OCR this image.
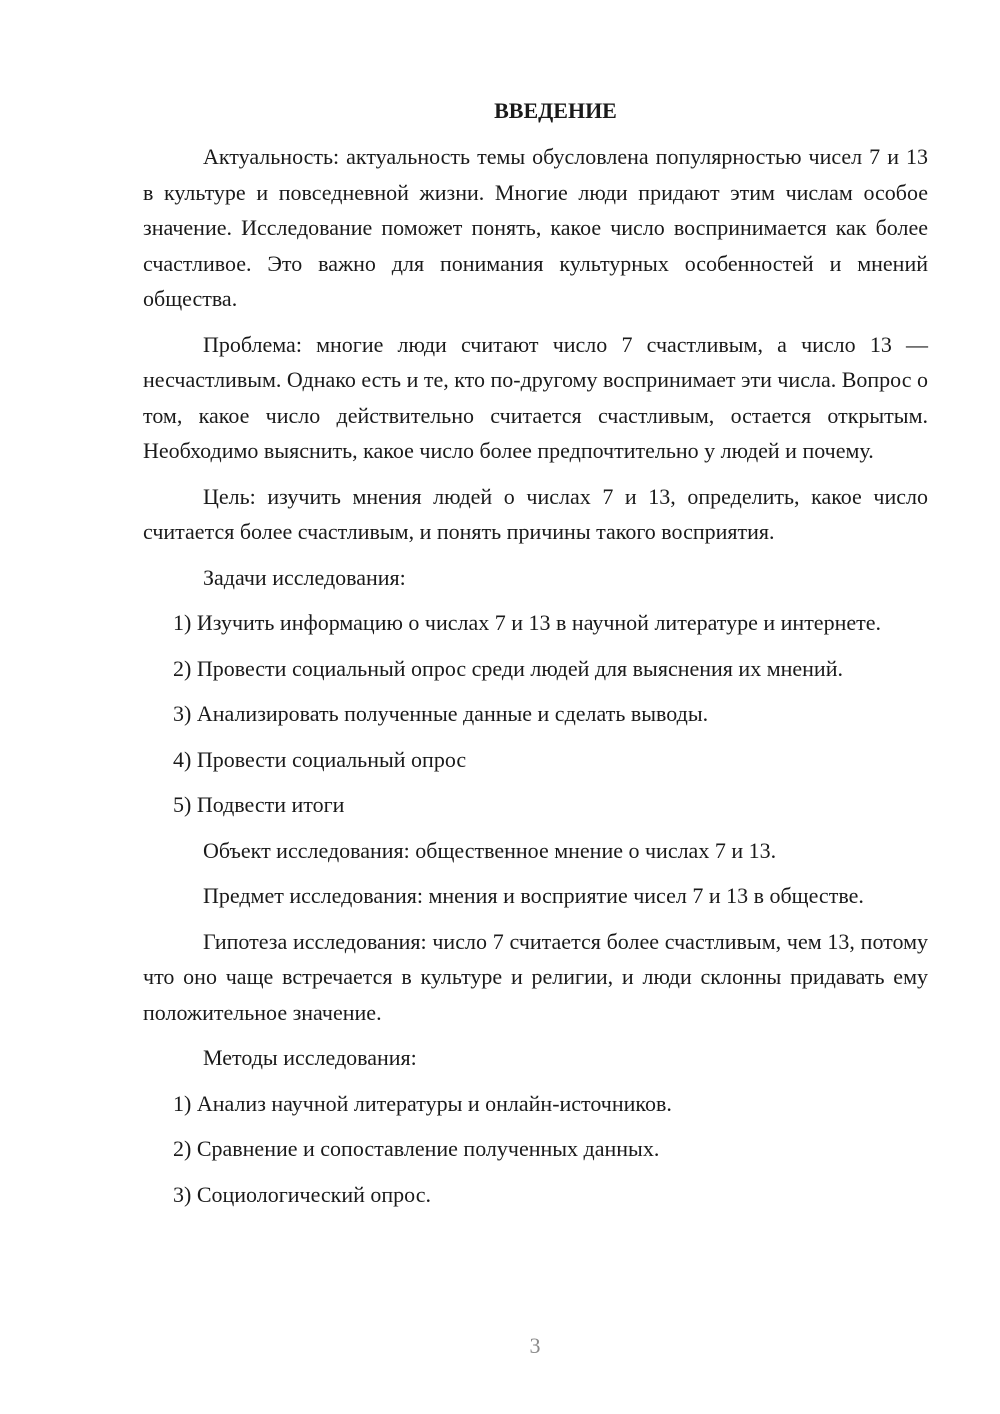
ВВЕДЕНИЕ

Актуальность: актуальность темы обусловлена популярностью чисел 7 и 13 в культуре и повседневной жизни. Многие люди придают этим числам особое значение. Исследование поможет понять, какое число воспринимается как более счастливое. Это важно для понимания культурных особенностей и мнений общества.

Проблема: многие люди считают число 7 счастливым, а число 13 — несчастливым. Однако есть и те, кто по-другому воспринимает эти числа. Вопрос о том, какое число действительно считается счастливым, остается открытым. Необходимо выяснить, какое число более предпочтительно у людей и почему.

Цель: изучить мнения людей о числах 7 и 13, определить, какое число считается более счастливым, и понять причины такого восприятия.

Задачи исследования:

1) Изучить информацию о числах 7 и 13 в научной литературе и интернете.

2) Провести социальный опрос среди людей для выяснения их мнений.

3) Анализировать полученные данные и сделать выводы.

4) Провести социальный опрос

5) Подвести итоги

Объект исследования: общественное мнение о числах 7 и 13.

Предмет исследования: мнения и восприятие чисел 7 и 13 в обществе.

Гипотеза исследования: число 7 считается более счастливым, чем 13, потому что оно чаще встречается в культуре и религии, и люди склонны придавать ему положительное значение.

Методы исследования:

1) Анализ научной литературы и онлайн-источников.

2) Сравнение и сопоставление полученных данных.

3) Социологический опрос.

3
